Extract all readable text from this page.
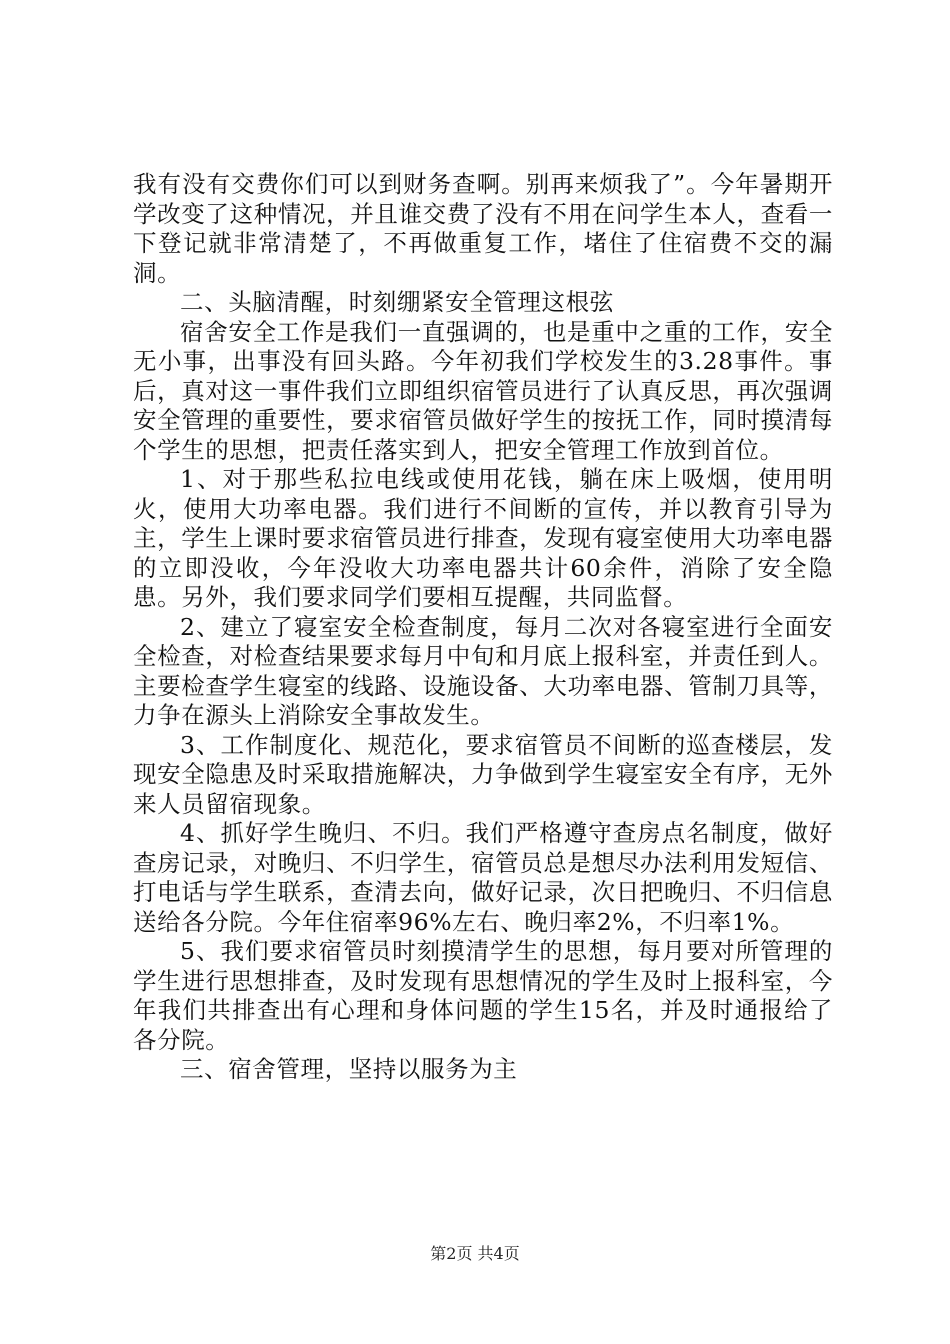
我有没有交费你们可以到财务查啊。别再来烦我了”。今年暑期开学改变了这种情况，并且谁交费了没有不用在问学生本人，查看一下登记就非常清楚了，不再做重复工作，堵住了住宿费不交的漏洞。

二、头脑清醒，时刻绷紧安全管理这根弦

宿舍安全工作是我们一直强调的，也是重中之重的工作，安全无小事，出事没有回头路。今年初我们学校发生的3.28事件。事后，真对这一事件我们立即组织宿管员进行了认真反思，再次强调安全管理的重要性，要求宿管员做好学生的按抚工作，同时摸清每个学生的思想，把责任落实到人，把安全管理工作放到首位。

1、对于那些私拉电线或使用花钱，躺在床上吸烟，使用明火，使用大功率电器。我们进行不间断的宣传，并以教育引导为主，学生上课时要求宿管员进行排查，发现有寝室使用大功率电器的立即没收，今年没收大功率电器共计60余件，消除了安全隐患。另外，我们要求同学们要相互提醒，共同监督。

2、建立了寝室安全检查制度，每月二次对各寝室进行全面安全检查，对检查结果要求每月中旬和月底上报科室，并责任到人。主要检查学生寝室的线路、设施设备、大功率电器、管制刀具等，力争在源头上消除安全事故发生。

3、工作制度化、规范化，要求宿管员不间断的巡查楼层，发现安全隐患及时采取措施解决，力争做到学生寝室安全有序，无外来人员留宿现象。

4、抓好学生晚归、不归。我们严格遵守查房点名制度，做好查房记录，对晚归、不归学生，宿管员总是想尽办法利用发短信、打电话与学生联系，查清去向，做好记录，次日把晚归、不归信息送给各分院。今年住宿率96%左右、晚归率2%，不归率1%。

5、我们要求宿管员时刻摸清学生的思想，每月要对所管理的学生进行思想排查，及时发现有思想情况的学生及时上报科室，今年我们共排查出有心理和身体问题的学生15名，并及时通报给了各分院。

三、宿舍管理，坚持以服务为主

第2页 共4页
